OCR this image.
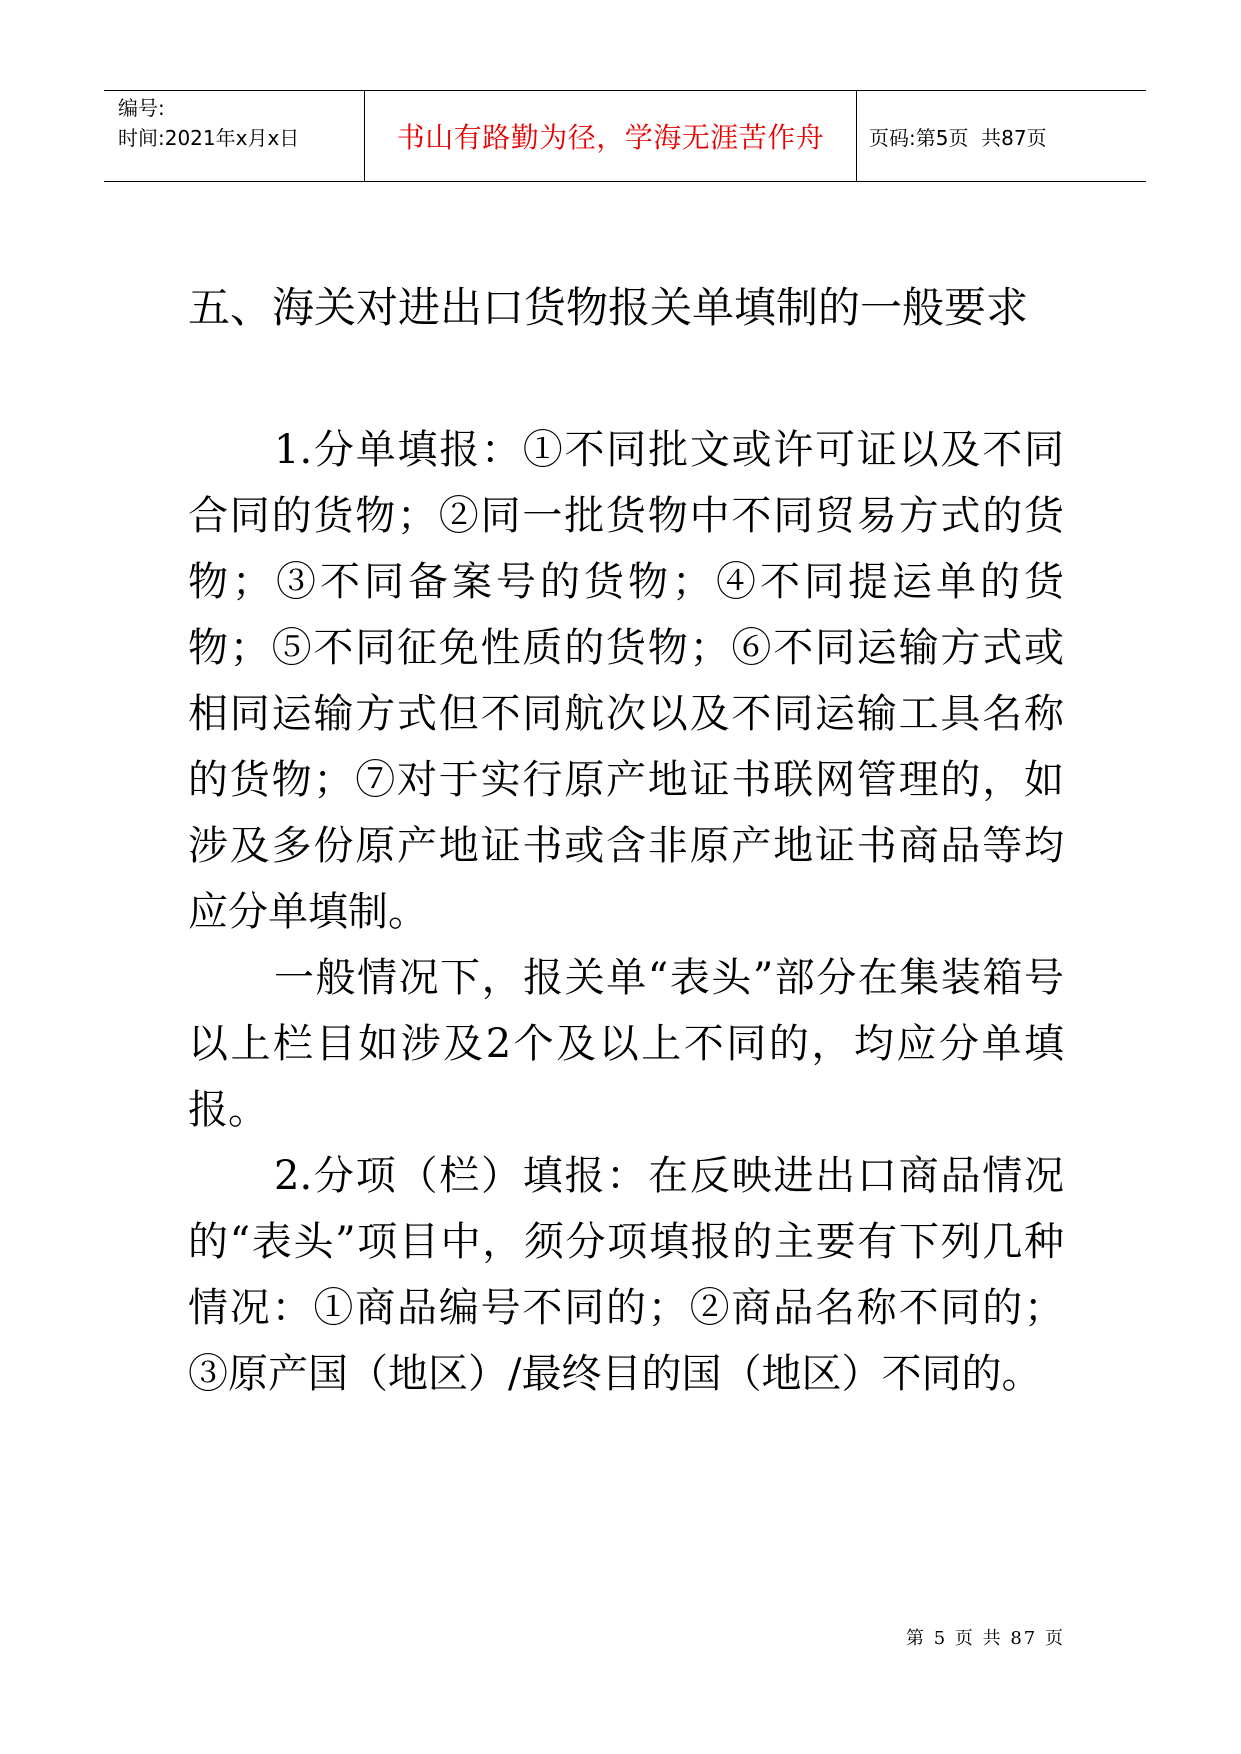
编号:
时间:2021年x月x日	书山有路勤为径，学海无涯苦作舟	页码:第5页  共87页
五、海关对进出口货物报关单填制的一般要求

1.分单填报：①不同批文或许可证以及不同合同的货物；②同一批货物中不同贸易方式的货物；③不同备案号的货物；④不同提运单的货物；⑤不同征免性质的货物；⑥不同运输方式或相同运输方式但不同航次以及不同运输工具名称的货物；⑦对于实行原产地证书联网管理的，如涉及多份原产地证书或含非原产地证书商品等均应分单填制。

一般情况下，报关单“表头”部分在集装箱号以上栏目如涉及2个及以上不同的，均应分单填报。

2.分项（栏）填报：在反映进出口商品情况的“表头”项目中，须分项填报的主要有下列几种情况：①商品编号不同的；②商品名称不同的；③原产国（地区）/最终目的国（地区）不同的。

第 5 页 共 87 页
